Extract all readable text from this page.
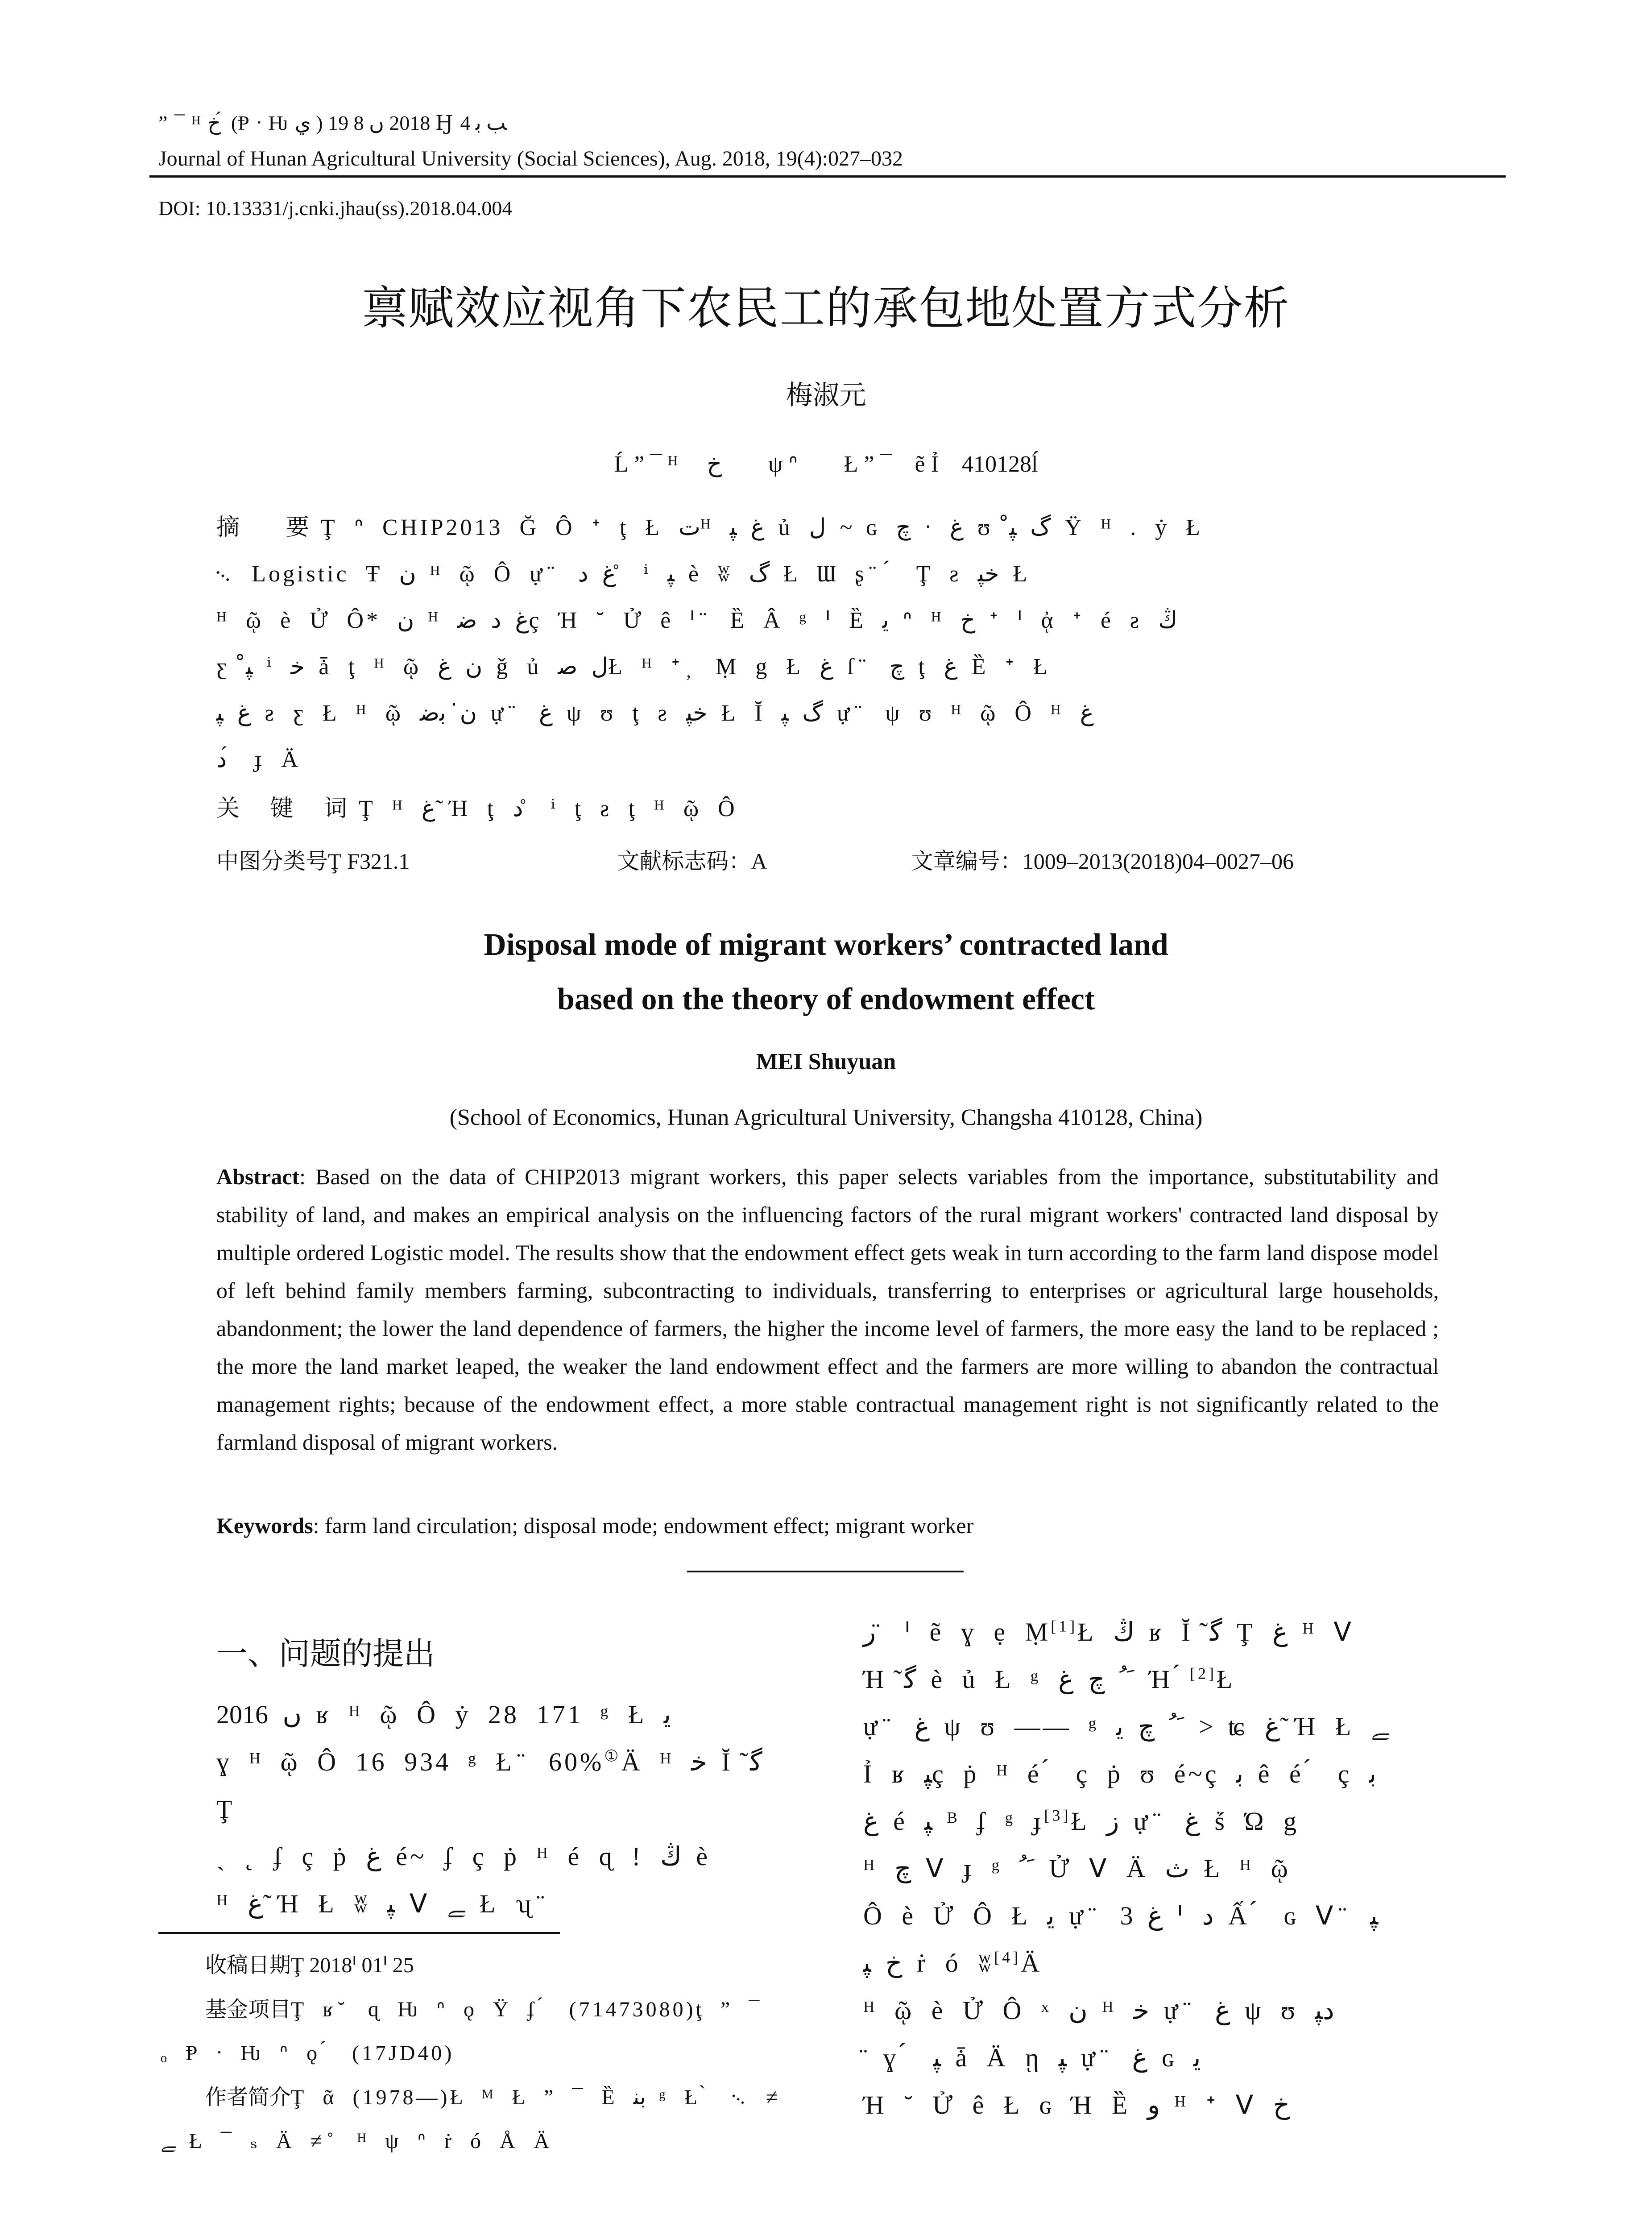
” ¯ ᴴ ﺥ ́ (Ᵽ ᐧ Ƕ ي ) 2018 ں 8 19 Ꜧ ﺐ ﺑ 4
Journal of Hunan Agricultural University (Social Sciences), Aug. 2018, 19(4):027–032
DOI: 10.13331/j.cnki.jhau(ss).2018.04.004
禀赋效应视角下农民工的承包地处置方式分析
梅淑元
Ĺ ” ¯ ᴴ     ﺥ        ψ ᐢ        Ł ” ¯    ẽ Ỉ    410128ĺ
摘　要Ţ ᐢ CHIP2013 Ğ Ô ᐩ ţ Ł ﺕᴴ ﻍ ﭙ ủ ﻝ ~ ɢ ﭺ ᐧ ﻍ ʊ ﮒ ﭙ̊ Ÿ ᴴ . ẏ Ł
᨞ Logistic Ŧ ﻥ ᴴ ῷ Ô ự ̈ ﻍ ﺩ ̊ ⁱ ﭙ è ʬ ﮒ Ł Ɯ ʂ ̈ ́ Ţ ƨ ﺧﭙ Ł
ᴴ ῷ è Ử Ô* ﻥ ᴴ ﻍ ﺩ ﺿç Ή ˘ Ử ê ᑊ ̈ Ȅ Â ᵍ ᑊ Ȅ ﻳ ᐢ ᴴ ﺥ ᐩ ᑊ ᾀ ᐩ é ƨ ﯓ
ƹ ﭙ̊ ⁱ ﺧ ǡ ţ ᴴ ῷ ﻥ ﻍ ǧ ủ ﻝ ﺻŁ ᴴ ᐩ ̦ Ṃ g Ł ﻍ ſ ̈ ﭺ ţ ﻍ Ȅ ᐩ Ł
ﻍ ﭙ ƨ ƹ Ł ᴴ ῷ ﻥ̇ ﺑﺿ ự ̈ ﻍ ψ ʊ ţ ƨ ﺧﭙ Ł Ĭ ﮒ ﭙ ự ̈ ψ ʊ ᴴ ῷ Ô ᴴ ﻍ
ﺩ ́ ɟ Ä
关 键 词Ţ ᴴ ﻍ ̃Ή ţ ﺩ ̊ ⁱ ţ ƨ ţ ᴴ ῷ Ô
中图分类号Ţ F321.1	文献标志码：A	文章编号：1009–2013(2018)04–0027–06
Disposal mode of migrant workers’ contracted land
based on the theory of endowment effect
MEI Shuyuan
(School of Economics, Hunan Agricultural University, Changsha 410128, China)
Abstract: Based on the data of CHIP2013 migrant workers, this paper selects variables from the importance, substitutability and stability of land, and makes an empirical analysis on the influencing factors of the rural migrant workers' contracted land disposal by multiple ordered Logistic model. The results show that the endowment effect gets weak in turn according to the farm land dispose model of left behind family members farming, subcontracting to individuals, transferring to enterprises or agricultural large households, abandonment; the lower the land dependence of farmers, the higher the income level of farmers, the more easy the land to be replaced ; the more the land market leaped, the weaker the land endowment effect and the farmers are more willing to abandon the contractual management rights; because of the endowment effect, a more stable contractual management right is not significantly related to the farmland disposal of migrant workers.
Keywords: farm land circulation; disposal mode; endowment effect; migrant worker
一、问题的提出
2016 ں ʁ ᴴ ῷ Ô ẏ 28 171 ᵍ Ł ﻳ
ɣ ᴴ ῷ Ô 16 934 ᵍ Ł ̈ 60%①Ä ᴴ ﺧ Ĭ ̃ﮔ Ţ
ˏ ˛ ʄ ç ṗ ﻍ é~ ʄ ç ṗ ᴴ é ɋ ! ﯓ è
ᴴ ﻍ ̃Ή Ł ʬ ﭙ ᐯ ﮯ Ł ʯ ̈
ﺭ ̈ ᑊ ẽ ɣ ẹ Ṃ[1]Ł ﯓ ʁ Ĭ ̃ﮔ Ţ ﻍ ᴴ ᐯ
Ή ̃ﮔ è ủ Ł ᵍ ﹶﹸ ﭺ ﻍ Ή ́[2]Ł
ự ̈ ﻍ ψ ʊ —— ᵍ ﹶﹸ ﭺ ﯾ > ʨ ﻍ ̃Ή Ł ﮯ
Ỉ ʁ ﭙç ṗ ᴴ é ́ ç ṗ ʊ é~ç ﺑ ê é ́ ç ﺑ
ﻍ é ﭙ ᴮ ʄ ᵍ ɟ[3]Ł ﺯ ự ̈ ﻍ ṥ Ώ g
ᴴ ﭺ ᐯ ɟ ᵍ ﹶﹸ Ử ᐯ Ä ﺙ Ł ᴴ ῷ
Ô è Ử Ô Ł ﻳ ự ̈ ﻍ 3 ᑊ ﺩ Ấ ́ ɢ ᐯ ̈ ﭙ
ﺥ ﭙ ṙ ó ʬ[4]Ä
ᴴ ῷ è Ử Ô ˣ ﻥ ᴴ ﺧ ự ̈ ﻍ ψ ʊ ﺩﭙ
̈ ɣ ́ ﭙ ǡ Ä ῃ ﭙ ự ̈ ﻍ ɢ ﻳ
Ή ˘ Ử ê Ł ɢ Ή Ȅ ﻭ ᴴ ᐩ ᐯ ﺥ
收稿日期Ţ 2018ᑊ 01ᑊ 25
基金项目Ţ ʁ ̆ ɋ Ƕ ᐢ ǫ Ÿ ʄ ́ (71473080)ţ ” ¯
ₒ Ᵽ ᐧ Ƕ ᐢ ǫ ́ (17JD40)
作者简介Ţ ᾶ (1978—)Ł ᴹ Ł ” ¯ Ȅ ﺑﻨ ᵍ Ł ̀ ᨞ ≠
ﮯ Ł ¯ ₛ Ä ≠ ̊ ᴴ ψ ᐢ ṙ ó Å Ä
